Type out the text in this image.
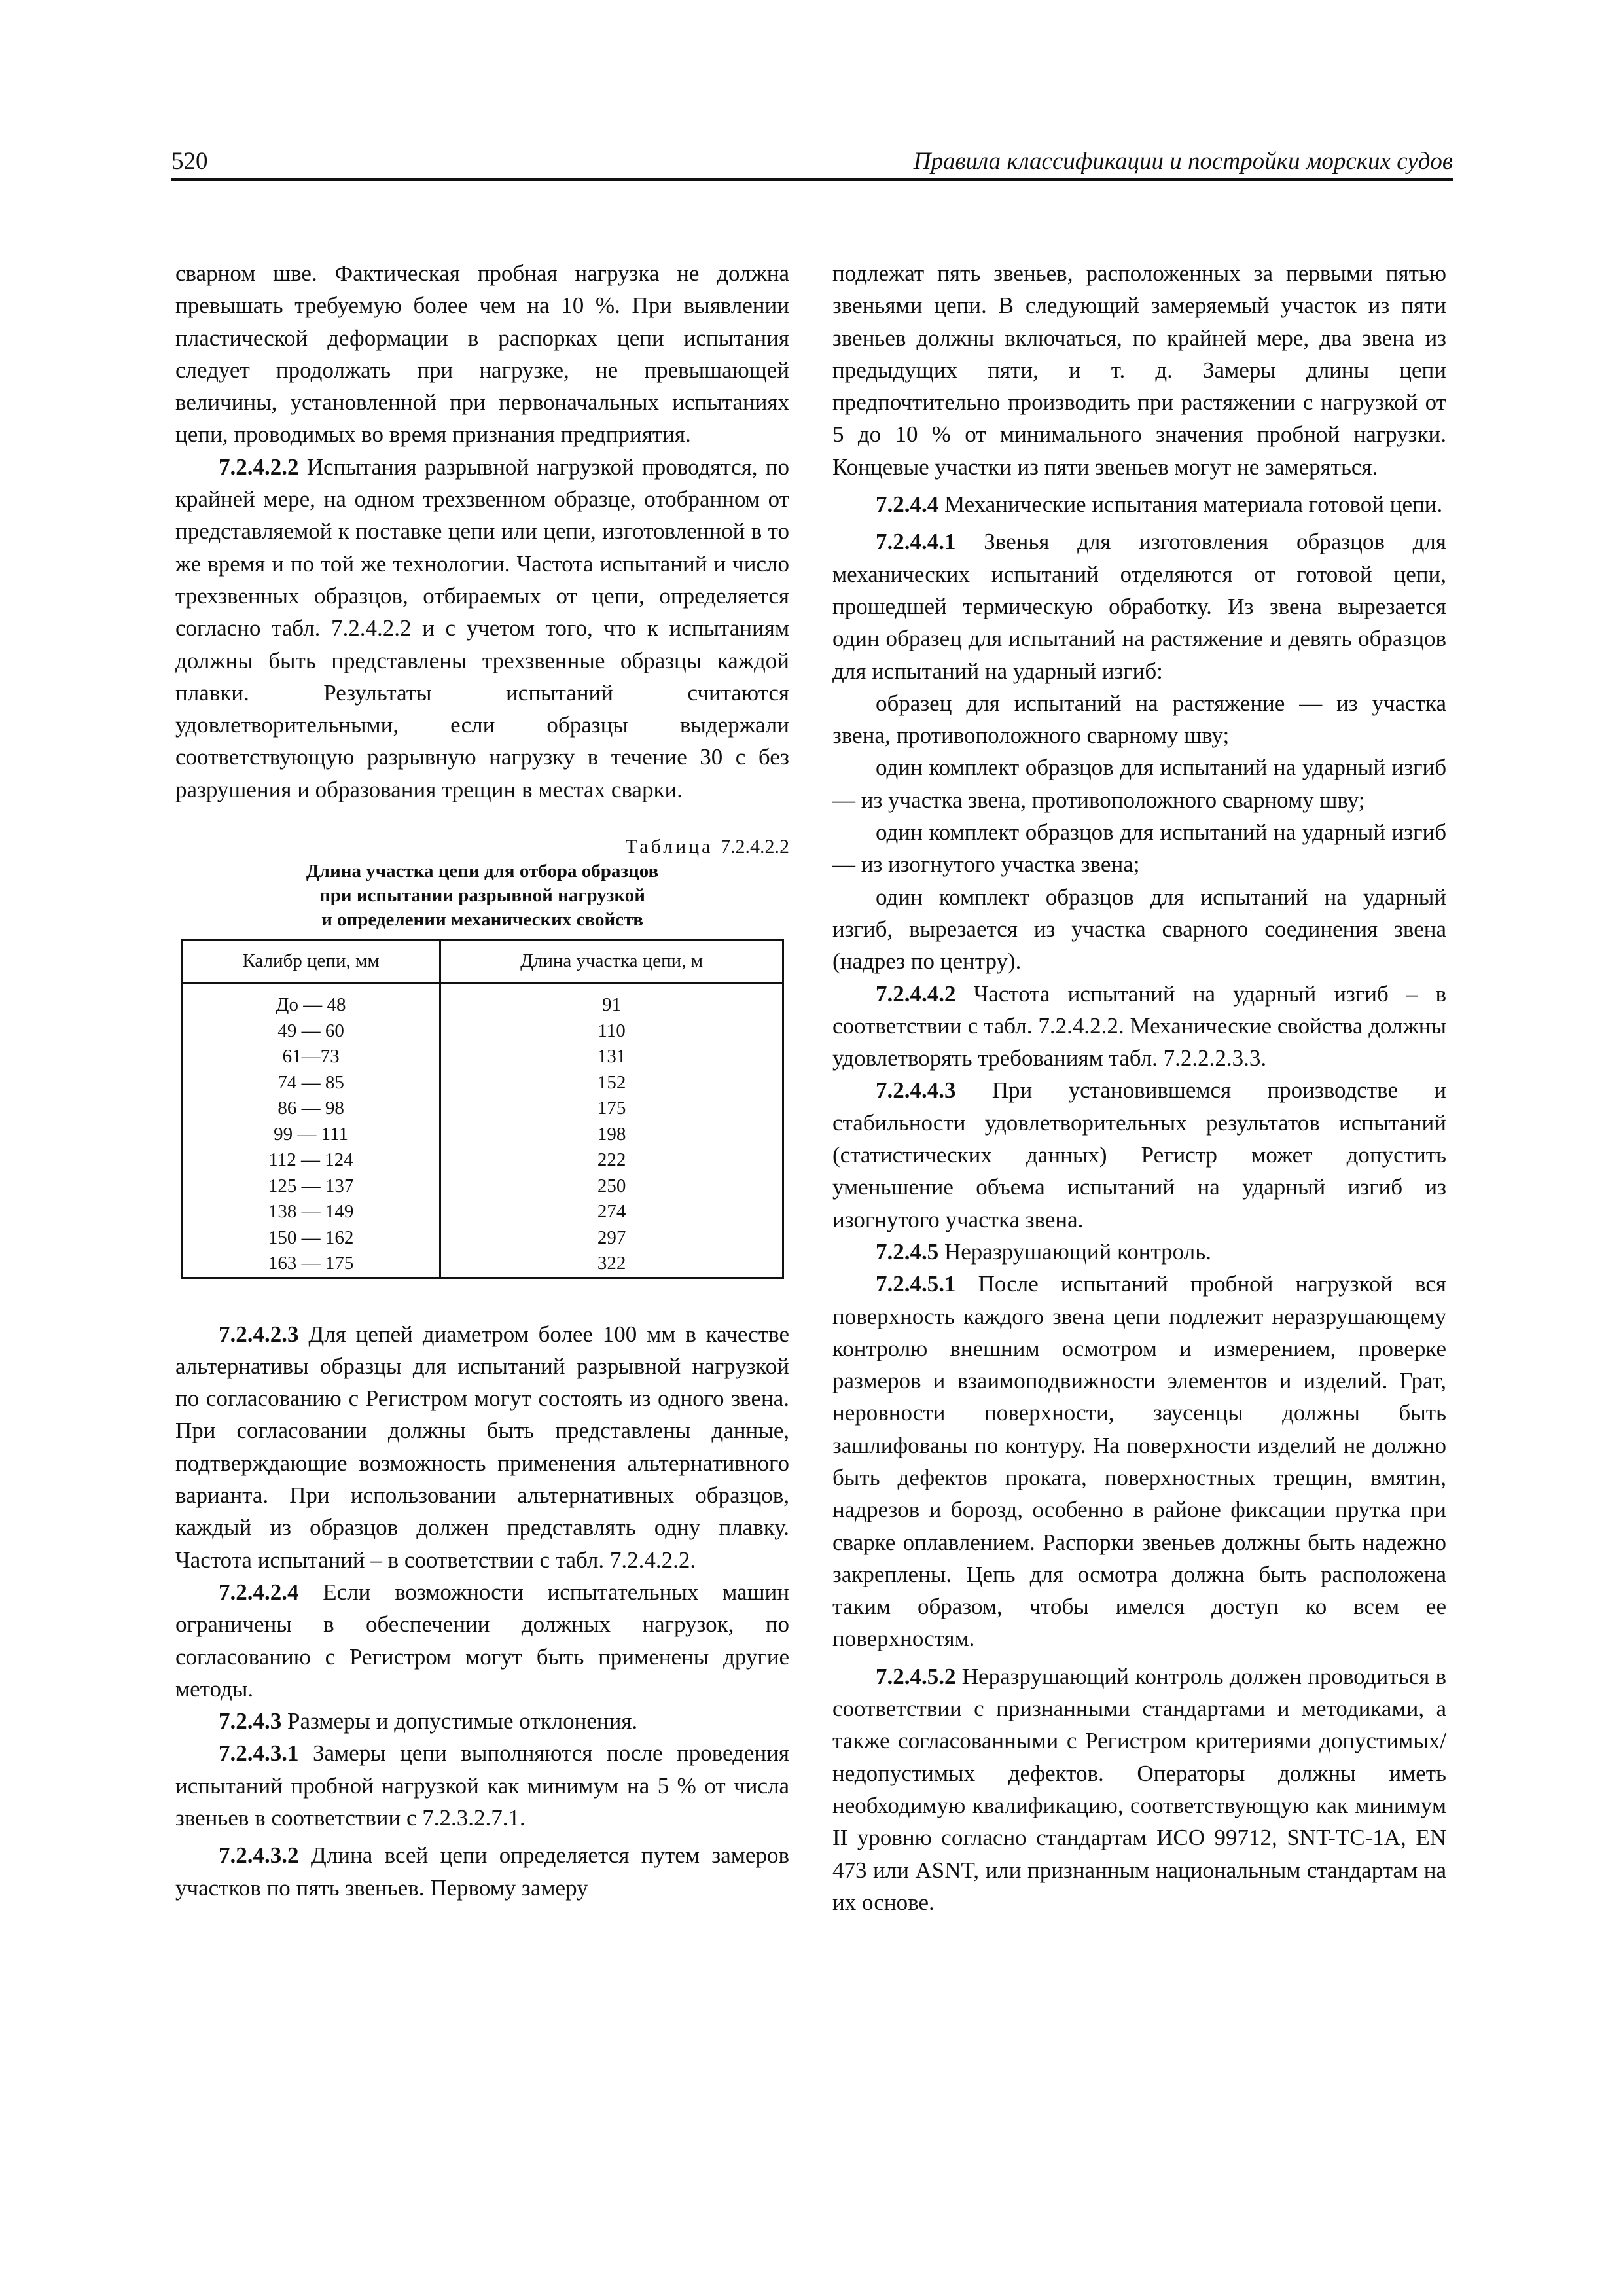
520	Правила классификации и постройки морских судов

сварном шве. Фактическая пробная нагрузка не должна превышать требуемую более чем на 10 %. При выявлении пластической деформации в распорках цепи испытания следует продолжать при нагрузке, не превышающей величины, установленной при первоначальных испытаниях цепи, проводимых во время признания предприятия.

7.2.4.2.2 Испытания разрывной нагрузкой проводятся, по крайней мере, на одном трехзвенном образце, отобранном от представляемой к поставке цепи или цепи, изготовленной в то же время и по той же технологии. Частота испытаний и число трехзвенных образцов, отбираемых от цепи, определяется согласно табл. 7.2.4.2.2 и с учетом того, что к испытаниям должны быть представлены трехзвенные образцы каждой плавки. Результаты испытаний считаются удовлетворительными, если образцы выдержали соответствующую разрывную нагрузку в течение 30 с без разрушения и образования трещин в местах сварки.

Таблица 7.2.4.2.2
Длина участка цепи для отбора образцов
при испытании разрывной нагрузкой
и определении механических свойств
Калибр цепи, мм	Длина участка цепи, м
До — 48	91
49 — 60	110
61—73	131
74 — 85	152
86 — 98	175
99 — 111	198
112 — 124	222
125 — 137	250
138 — 149	274
150 — 162	297
163 — 175	322

7.2.4.2.3 Для цепей диаметром более 100 мм в качестве альтернативы образцы для испытаний разрывной нагрузкой по согласованию с Регистром могут состоять из одного звена. При согласовании должны быть представлены данные, подтверждающие возможность применения альтернативного варианта. При использовании альтернативных образцов, каждый из образцов должен представлять одну плавку. Частота испытаний – в соответствии с табл. 7.2.4.2.2.

7.2.4.2.4 Если возможности испытательных машин ограничены в обеспечении должных нагрузок, по согласованию с Регистром могут быть применены другие методы.

7.2.4.3 Размеры и допустимые отклонения.

7.2.4.3.1 Замеры цепи выполняются после проведения испытаний пробной нагрузкой как минимум на 5 % от числа звеньев в соответствии с 7.2.3.2.7.1.

7.2.4.3.2 Длина всей цепи определяется путем замеров участков по пять звеньев. Первому замеру

подлежат пять звеньев, расположенных за первыми пятью звеньями цепи. В следующий замеряемый участок из пяти звеньев должны включаться, по крайней мере, два звена из предыдущих пяти, и т. д. Замеры длины цепи предпочтительно производить при растяжении с нагрузкой от 5 до 10 % от минимального значения пробной нагрузки. Концевые участки из пяти звеньев могут не замеряться.

7.2.4.4 Механические испытания материала готовой цепи.

7.2.4.4.1 Звенья для изготовления образцов для механических испытаний отделяются от готовой цепи, прошедшей термическую обработку. Из звена вырезается один образец для испытаний на растяжение и девять образцов для испытаний на ударный изгиб:

образец для испытаний на растяжение — из участка звена, противоположного сварному шву;

один комплект образцов для испытаний на ударный изгиб — из участка звена, противоположного сварному шву;

один комплект образцов для испытаний на ударный изгиб — из изогнутого участка звена;

один комплект образцов для испытаний на ударный изгиб, вырезается из участка сварного соединения звена (надрез по центру).

7.2.4.4.2 Частота испытаний на ударный изгиб – в соответствии с табл. 7.2.4.2.2. Механические свойства должны удовлетворять требованиям табл. 7.2.2.2.3.3.

7.2.4.4.3 При установившемся производстве и стабильности удовлетворительных результатов испытаний (статистических данных) Регистр может допустить уменьшение объема испытаний на ударный изгиб из изогнутого участка звена.

7.2.4.5 Неразрушающий контроль.

7.2.4.5.1 После испытаний пробной нагрузкой вся поверхность каждого звена цепи подлежит неразрушающему контролю внешним осмотром и измерением, проверке размеров и взаимоподвижности элементов и изделий. Грат, неровности поверхности, заусенцы должны быть зашлифованы по контуру. На поверхности изделий не должно быть дефектов проката, поверхностных трещин, вмятин, надрезов и борозд, особенно в районе фиксации прутка при сварке оплавлением. Распорки звеньев должны быть надежно закреплены. Цепь для осмотра должна быть расположена таким образом, чтобы имелся доступ ко всем ее поверхностям.

7.2.4.5.2 Неразрушающий контроль должен проводиться в соответствии с признанными стандартами и методиками, а также согласованными с Регистром критериями допустимых/недопустимых дефектов. Операторы должны иметь необходимую квалификацию, соответствующую как минимум II уровню согласно стандартам ИСО 99712, SNT-TC-1A, EN 473 или ASNT, или признанным национальным стандартам на их основе.
